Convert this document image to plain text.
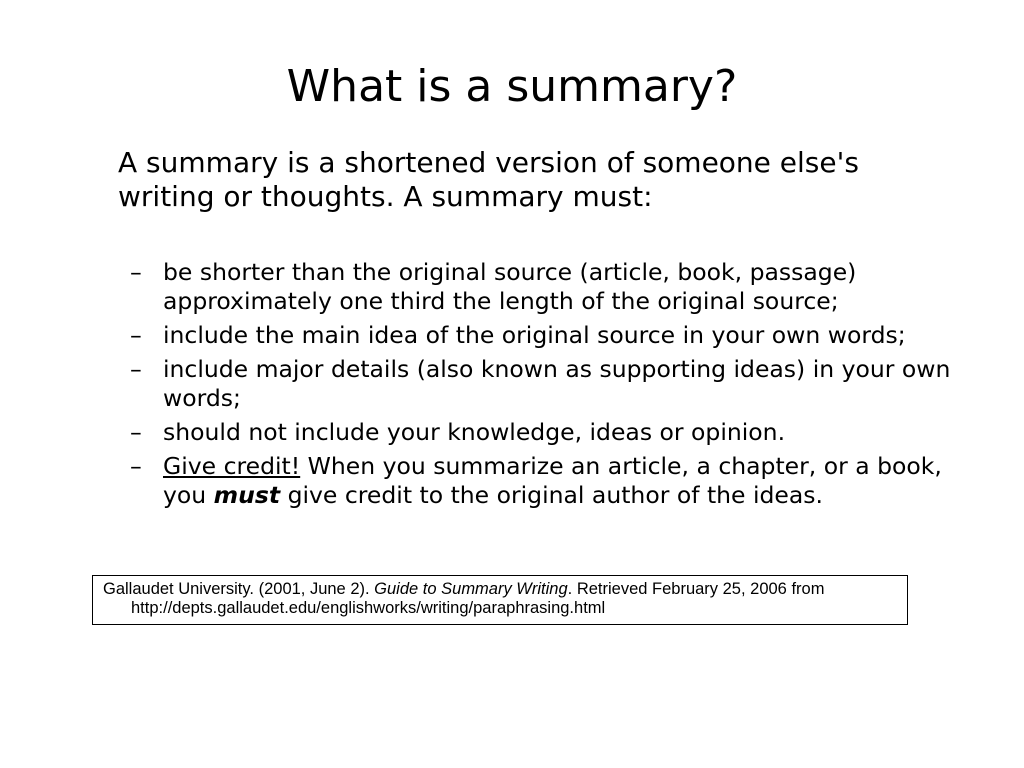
What is a summary?

A summary is a shortened version of someone else's writing or thoughts. A summary must:

– be shorter than the original source (article, book, passage) approximately one third the length of the original source;
– include the main idea of the original source in your own words;
– include major details (also known as supporting ideas) in your own words;
– should not include your knowledge, ideas or opinion.
– Give credit! When you summarize an article, a chapter, or a book, you must give credit to the original author of the ideas.

Gallaudet University. (2001, June 2). Guide to Summary Writing. Retrieved February 25, 2006 from http://depts.gallaudet.edu/englishworks/writing/paraphrasing.html
